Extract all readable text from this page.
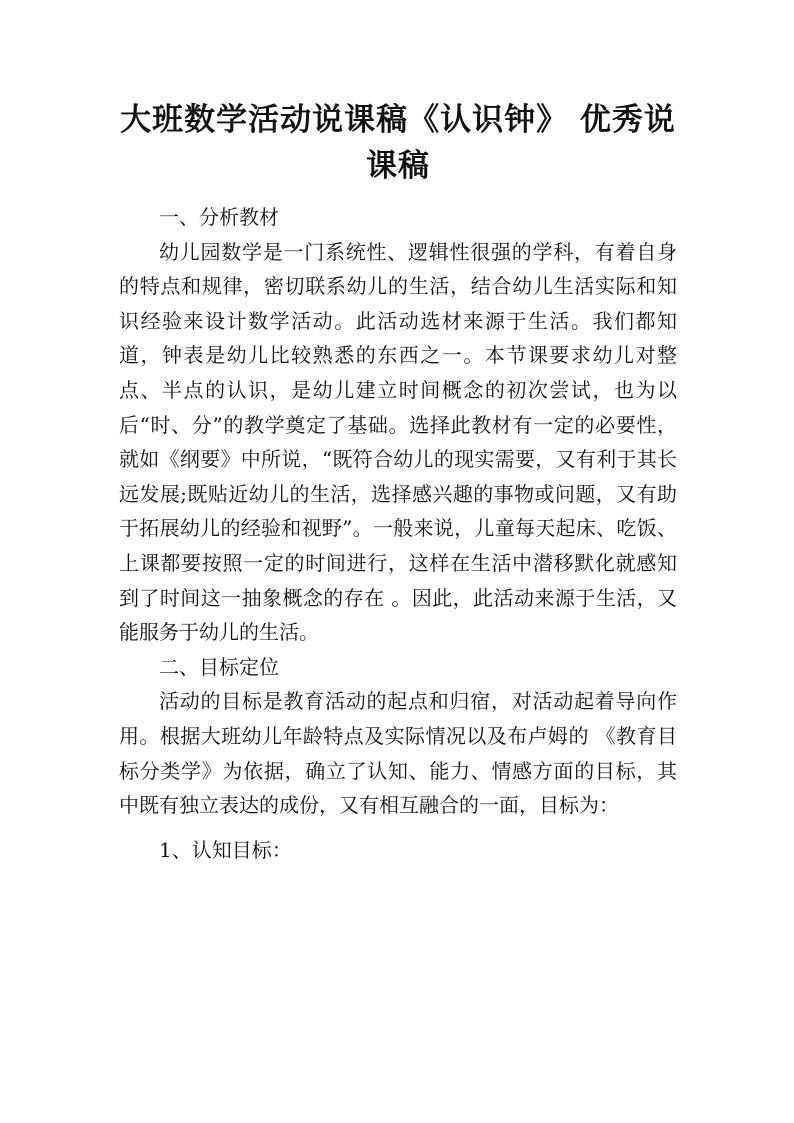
大班数学活动说课稿《认识钟》 优秀说课稿

一、分析教材

幼儿园数学是一门系统性、逻辑性很强的学科，有着自身的特点和规律，密切联系幼儿的生活，结合幼儿生活实际和知识经验来设计数学活动。此活动选材来源于生活。我们都知道，钟表是幼儿比较熟悉的东西之一。本节课要求幼儿对整点、半点的认识，是幼儿建立时间概念的初次尝试，也为以后“时、分”的教学奠定了基础。选择此教材有一定的必要性，就如《纲要》中所说，“既符合幼儿的现实需要，又有利于其长远发展;既贴近幼儿的生活，选择感兴趣的事物或问题，又有助于拓展幼儿的经验和视野”。一般来说，儿童每天起床、吃饭、上课都要按照一定的时间进行，这样在生活中潜移默化就感知到了时间这一抽象概念的存在 。因此，此活动来源于生活，又能服务于幼儿的生活。

二、目标定位

活动的目标是教育活动的起点和归宿，对活动起着导向作用。根据大班幼儿年龄特点及实际情况以及布卢姆的 《教育目标分类学》为依据，确立了认知、能力、情感方面的目标，其中既有独立表达的成份，又有相互融合的一面，目标为：

1、认知目标：
